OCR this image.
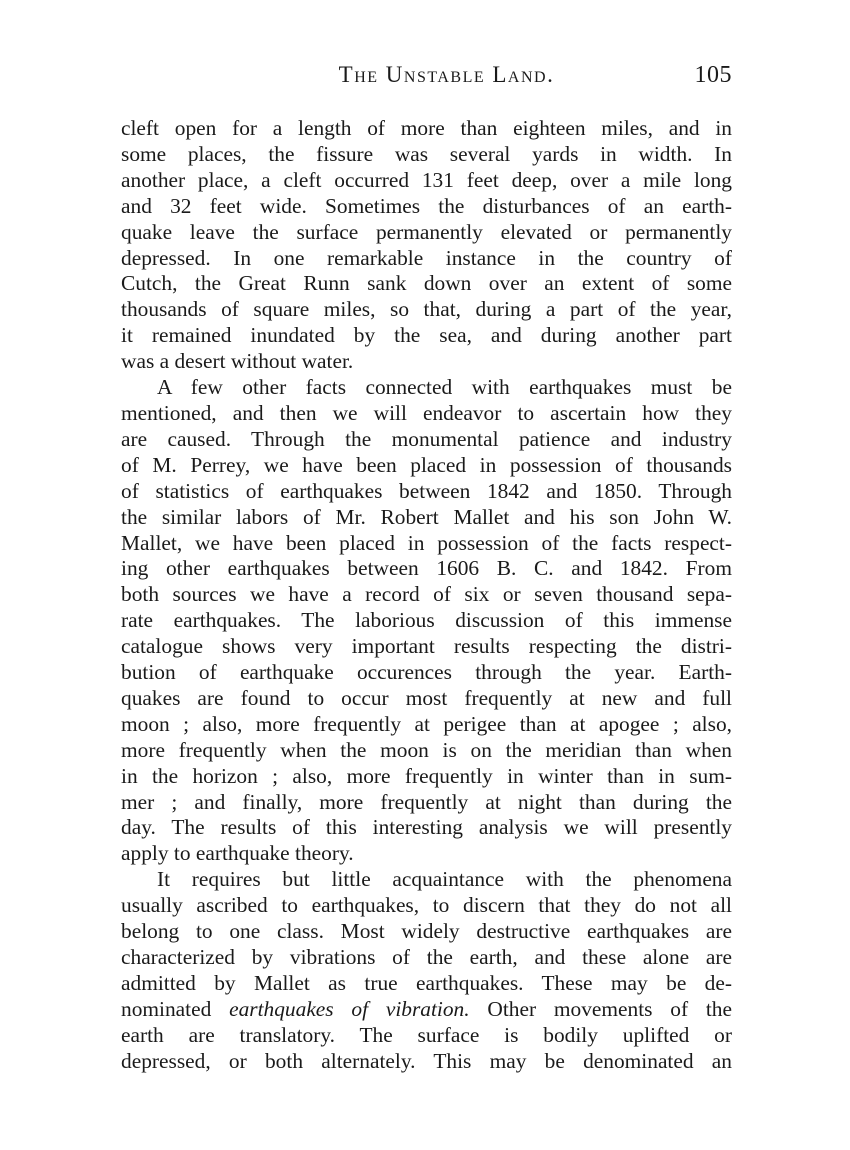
The Unstable Land.	105

cleft open for a length of more than eighteen miles, and in
some places, the fissure was several yards in width. In
another place, a cleft occurred 131 feet deep, over a mile long
and 32 feet wide. Sometimes the disturbances of an earth-
quake leave the surface permanently elevated or permanently
depressed. In one remarkable instance in the country of
Cutch, the Great Runn sank down over an extent of some
thousands of square miles, so that, during a part of the year,
it remained inundated by the sea, and during another part
was a desert without water.

A few other facts connected with earthquakes must be
mentioned, and then we will endeavor to ascertain how they
are caused. Through the monumental patience and industry
of M. Perrey, we have been placed in possession of thousands
of statistics of earthquakes between 1842 and 1850. Through
the similar labors of Mr. Robert Mallet and his son John W.
Mallet, we have been placed in possession of the facts respect-
ing other earthquakes between 1606 B. C. and 1842. From
both sources we have a record of six or seven thousand sepa-
rate earthquakes. The laborious discussion of this immense
catalogue shows very important results respecting the distri-
bution of earthquake occurences through the year. Earth-
quakes are found to occur most frequently at new and full
moon ; also, more frequently at perigee than at apogee ; also,
more frequently when the moon is on the meridian than when
in the horizon ; also, more frequently in winter than in sum-
mer ; and finally, more frequently at night than during the
day. The results of this interesting analysis we will presently
apply to earthquake theory.

It requires but little acquaintance with the phenomena
usually ascribed to earthquakes, to discern that they do not all
belong to one class. Most widely destructive earthquakes are
characterized by vibrations of the earth, and these alone are
admitted by Mallet as true earthquakes. These may be de-
nominated earthquakes of vibration. Other movements of the
earth are translatory. The surface is bodily uplifted or
depressed, or both alternately. This may be denominated an
